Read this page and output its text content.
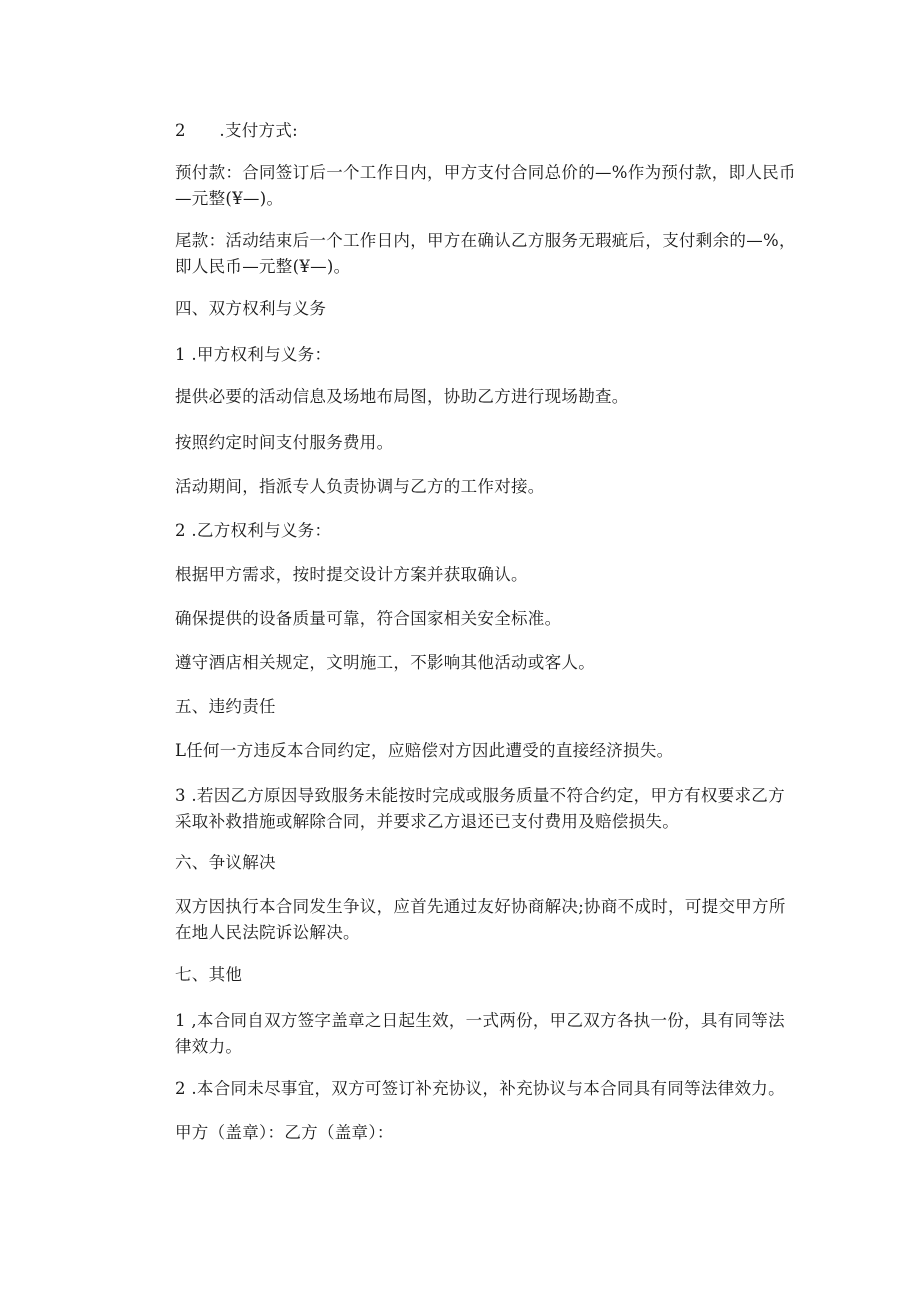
2　　.支付方式:

预付款：合同签订后一个工作日内，甲方支付合同总价的—%作为预付款，即人民币—元整(¥—)。

尾款：活动结束后一个工作日内，甲方在确认乙方服务无瑕疵后，支付剩余的—%，即人民币—元整(¥—)。

四、双方权利与义务

1 .甲方权利与义务：

提供必要的活动信息及场地布局图，协助乙方进行现场勘查。

按照约定时间支付服务费用。

活动期间，指派专人负责协调与乙方的工作对接。

2 .乙方权利与义务：

根据甲方需求，按时提交设计方案并获取确认。

确保提供的设备质量可靠，符合国家相关安全标准。

遵守酒店相关规定，文明施工，不影响其他活动或客人。

五、违约责任

L任何一方违反本合同约定，应赔偿对方因此遭受的直接经济损失。

3 .若因乙方原因导致服务未能按时完成或服务质量不符合约定，甲方有权要求乙方采取补救措施或解除合同，并要求乙方退还已支付费用及赔偿损失。

六、争议解决

双方因执行本合同发生争议，应首先通过友好协商解决;协商不成时，可提交甲方所在地人民法院诉讼解决。

七、其他

1 ,本合同自双方签字盖章之日起生效，一式两份，甲乙双方各执一份，具有同等法律效力。

2 .本合同未尽事宜，双方可签订补充协议，补充协议与本合同具有同等法律效力。

甲方（盖章）：乙方（盖章）：
